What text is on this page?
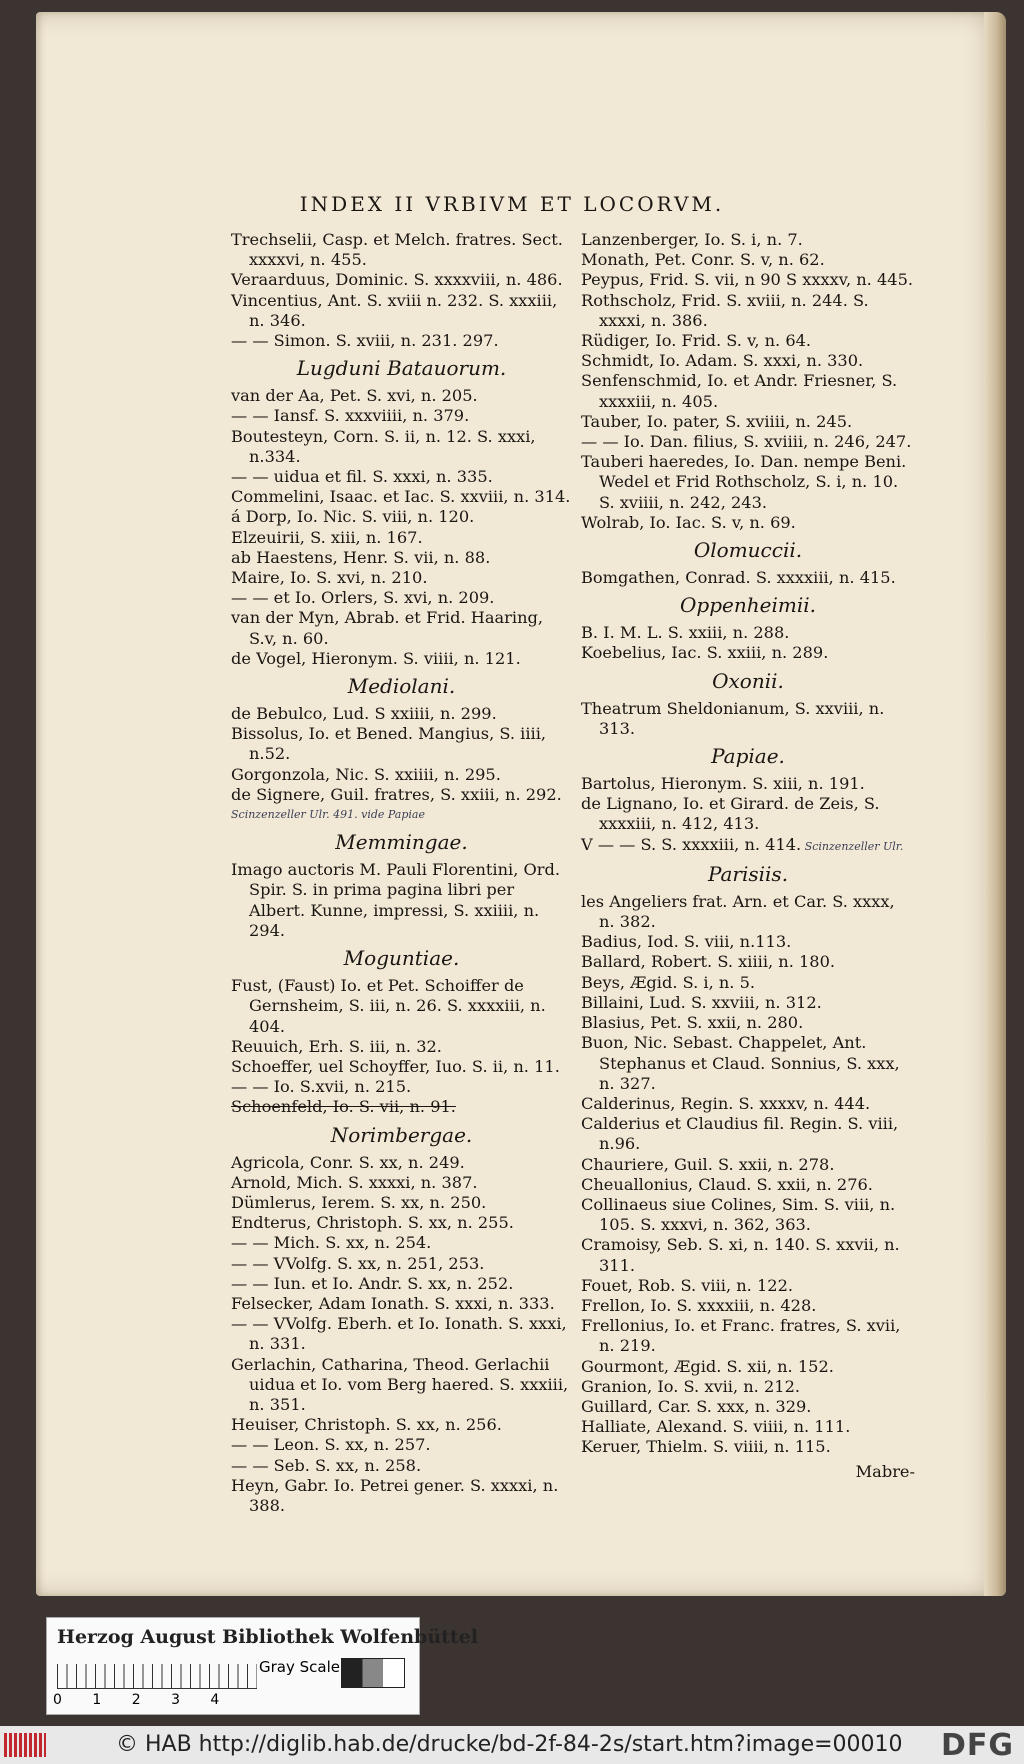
INDEX II VRBIVM ET LOCORVM.

Trechselii, Casp. et Melch. fratres. Sect. xxxxvi, n. 455.

Veraarduus, Dominic. S. xxxxviii, n. 486.

Vincentius, Ant. S. xviii n. 232. S. xxxiii, n. 346.

— — Simon. S. xviii, n. 231. 297.

Lugduni Batauorum.

van der Aa, Pet. S. xvi, n. 205.

— — Iansf. S. xxxviiii, n. 379.

Boutesteyn, Corn. S. ii, n. 12. S. xxxi, n.334.

— — uidua et fil. S. xxxi, n. 335.

Commelini, Isaac. et Iac. S. xxviii, n. 314.

á Dorp, Io. Nic. S. viii, n. 120.

Elzeuirii, S. xiii, n. 167.

ab Haestens, Henr. S. vii, n. 88.

Maire, Io. S. xvi, n. 210.

— — et Io. Orlers, S. xvi, n. 209.

van der Myn, Abrab. et Frid. Haaring, S.v, n. 60.

de Vogel, Hieronym. S. viiii, n. 121.

Mediolani.

de Bebulco, Lud. S xxiiii, n. 299.

Bissolus, Io. et Bened. Mangius, S. iiii, n.52.

Gorgonzola, Nic. S. xxiiii, n. 295.

de Signere, Guil. fratres, S. xxiii, n. 292.

Scinzenzeller Ulr. 491. vide Papiae

Memmingae.

Imago auctoris M. Pauli Florentini, Ord. Spir. S. in prima pagina libri per Albert. Kunne, impressi, S. xxiiii, n. 294.

Moguntiae.

Fust, (Faust) Io. et Pet. Schoiffer de Gernsheim, S. iii, n. 26. S. xxxxiii, n. 404.

Reuuich, Erh. S. iii, n. 32.

Schoeffer, uel Schoyffer, Iuo. S. ii, n. 11.

— — Io. S.xvii, n. 215.

Schoenfeld, Io. S. vii, n. 91.

Norimbergae.

Agricola, Conr. S. xx, n. 249.

Arnold, Mich. S. xxxxi, n. 387.

Dümlerus, Ierem. S. xx, n. 250.

Endterus, Christoph. S. xx, n. 255.

— — Mich. S. xx, n. 254.

— — VVolfg. S. xx, n. 251, 253.

— — Iun. et Io. Andr. S. xx, n. 252.

Felsecker, Adam Ionath. S. xxxi, n. 333.

— — VVolfg. Eberh. et Io. Ionath. S. xxxi, n. 331.

Gerlachin, Catharina, Theod. Gerlachii uidua et Io. vom Berg haered. S. xxxiii, n. 351.

Heuiser, Christoph. S. xx, n. 256.

— — Leon. S. xx, n. 257.

— — Seb. S. xx, n. 258.

Heyn, Gabr. Io. Petrei gener. S. xxxxi, n. 388.

Lanzenberger, Io. S. i, n. 7.

Monath, Pet. Conr. S. v, n. 62.

Peypus, Frid. S. vii, n 90 S xxxxv, n. 445.

Rothscholz, Frid. S. xviii, n. 244. S. xxxxi, n. 386.

Rüdiger, Io. Frid. S. v, n. 64.

Schmidt, Io. Adam. S. xxxi, n. 330.

Senfenschmid, Io. et Andr. Friesner, S. xxxxiii, n. 405.

Tauber, Io. pater, S. xviiii, n. 245.

— — Io. Dan. filius, S. xviiii, n. 246, 247.

Tauberi haeredes, Io. Dan. nempe Beni. Wedel et Frid Rothscholz, S. i, n. 10. S. xviiii, n. 242, 243.

Wolrab, Io. Iac. S. v, n. 69.

Olomuccii.

Bomgathen, Conrad. S. xxxxiii, n. 415.

Oppenheimii.

B. I. M. L. S. xxiii, n. 288.

Koebelius, Iac. S. xxiii, n. 289.

Oxonii.

Theatrum Sheldonianum, S. xxviii, n. 313.

Papiae.

Bartolus, Hieronym. S. xiii, n. 191.

de Lignano, Io. et Girard. de Zeis, S. xxxxiii, n. 412, 413.

V — — S. S. xxxxiii, n. 414. Scinzenzeller Ulr.

Parisiis.

les Angeliers frat. Arn. et Car. S. xxxx, n. 382.

Badius, Iod. S. viii, n.113.

Ballard, Robert. S. xiiii, n. 180.

Beys, Ægid. S. i, n. 5.

Billaini, Lud. S. xxviii, n. 312.

Blasius, Pet. S. xxii, n. 280.

Buon, Nic. Sebast. Chappelet, Ant. Stephanus et Claud. Sonnius, S. xxx, n. 327.

Calderinus, Regin. S. xxxxv, n. 444.

Calderius et Claudius fil. Regin. S. viii, n.96.

Chauriere, Guil. S. xxii, n. 278.

Cheuallonius, Claud. S. xxii, n. 276.

Collinaeus siue Colines, Sim. S. viii, n. 105. S. xxxvi, n. 362, 363.

Cramoisy, Seb. S. xi, n. 140. S. xxvii, n. 311.

Fouet, Rob. S. viii, n. 122.

Frellon, Io. S. xxxxiii, n. 428.

Frellonius, Io. et Franc. fratres, S. xvii, n. 219.

Gourmont, Ægid. S. xii, n. 152.

Granion, Io. S. xvii, n. 212.

Guillard, Car. S. xxx, n. 329.

Halliate, Alexand. S. viiii, n. 111.

Keruer, Thielm. S. viiii, n. 115.

Mabre-

Herzog August Bibliothek Wolfenbüttel
0 1 2 3 4
Gray Scale
© HAB http://diglib.hab.de/drucke/bd-2f-84-2s/start.htm?image=00010 DFG
